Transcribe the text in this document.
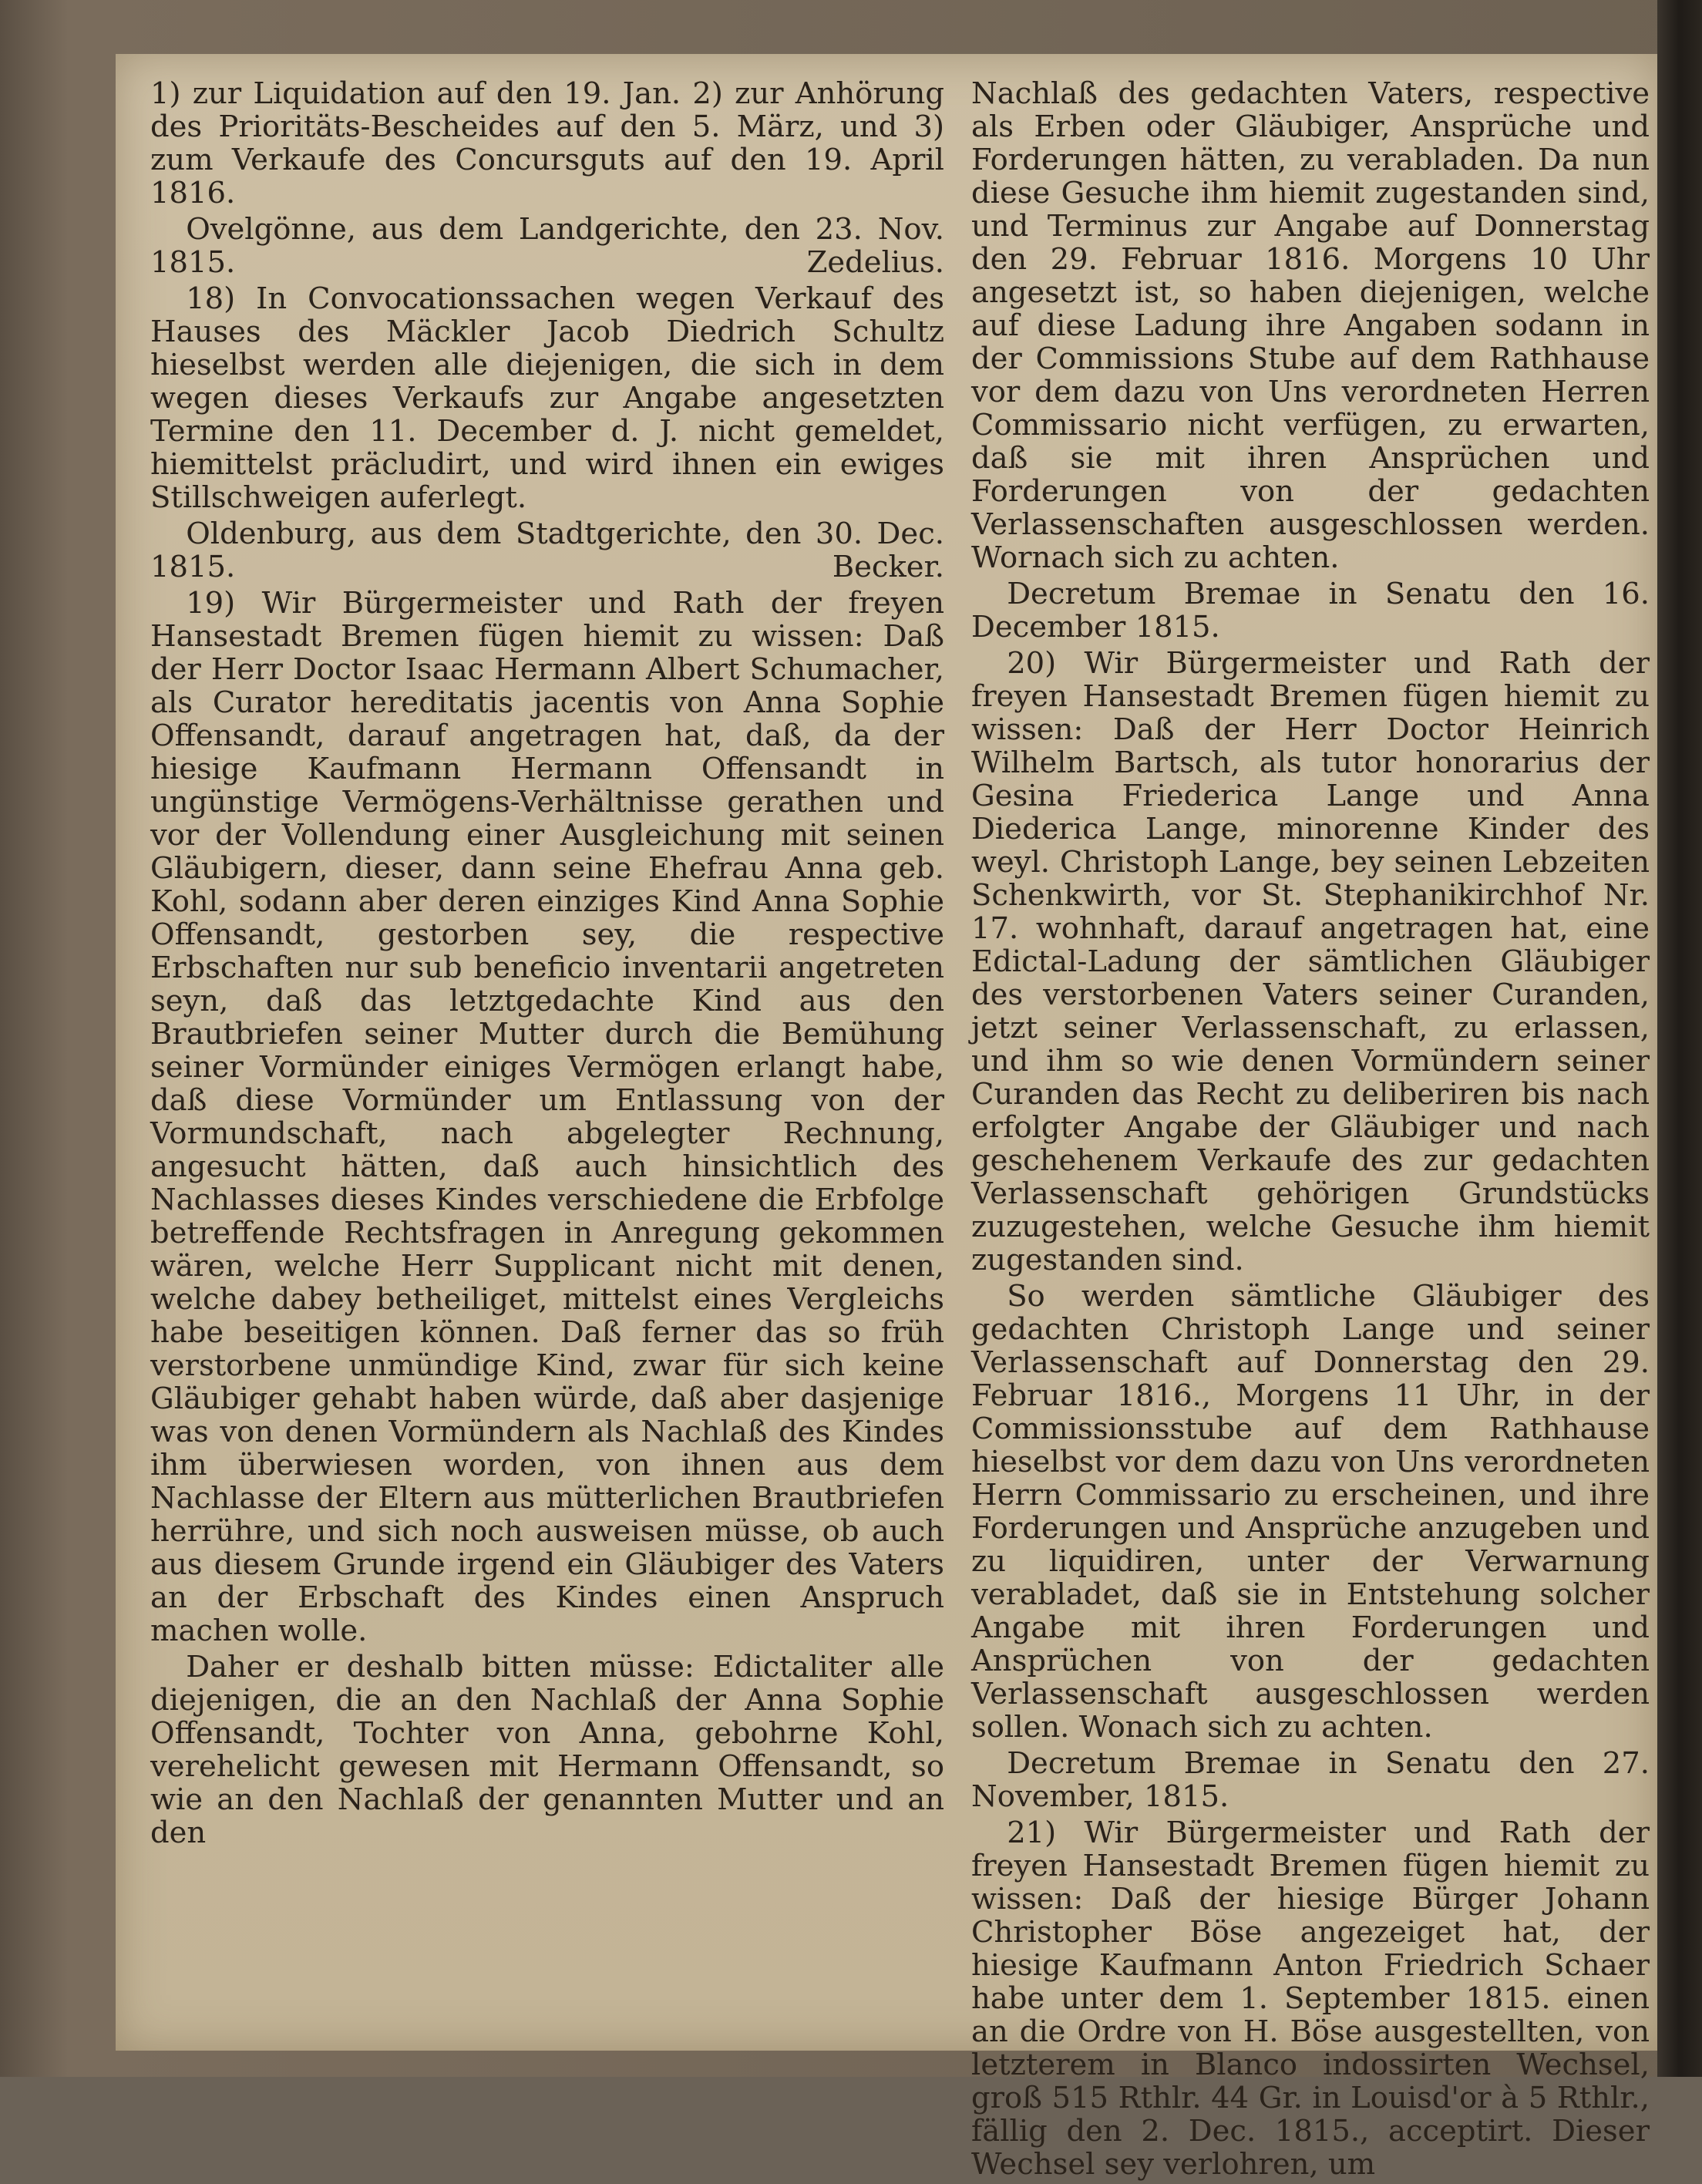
1) zur Liquidation auf den 19. Jan. 2) zur Anhörung des Prioritäts-Bescheides auf den 5. März, und 3) zum Verkaufe des Concursguts auf den 19. April 1816.

Ovelgönne, aus dem Landgerichte, den 23. Nov. 1815.	Zedelius.

18) In Convocationssachen wegen Verkauf des Hauses des Mäckler Jacob Diedrich Schultz hieselbst werden alle diejenigen, die sich in dem wegen dieses Verkaufs zur Angabe angesetzten Termine den 11. December d. J. nicht gemeldet, hiemittelst präcludirt, und wird ihnen ein ewiges Stillschweigen auferlegt.

Oldenburg, aus dem Stadtgerichte, den 30. Dec. 1815.	Becker.

19) Wir Bürgermeister und Rath der freyen Hansestadt Bremen fügen hiemit zu wissen: Daß der Herr Doctor Isaac Hermann Albert Schumacher, als Curator hereditatis jacentis von Anna Sophie Offensandt, darauf angetragen hat, daß, da der hiesige Kaufmann Hermann Offensandt in ungünstige Vermögens-Verhältnisse gerathen und vor der Vollendung einer Ausgleichung mit seinen Gläubigern, dieser, dann seine Ehefrau Anna geb. Kohl, sodann aber deren einziges Kind Anna Sophie Offensandt, gestorben sey, die respective Erbschaften nur sub beneficio inventarii angetreten seyn, daß das letztgedachte Kind aus den Brautbriefen seiner Mutter durch die Bemühung seiner Vormünder einiges Vermögen erlangt habe, daß diese Vormünder um Entlassung von der Vormundschaft, nach abgelegter Rechnung, angesucht hätten, daß auch hinsichtlich des Nachlasses dieses Kindes verschiedene die Erbfolge betreffende Rechtsfragen in Anregung gekommen wären, welche Herr Supplicant nicht mit denen, welche dabey betheiliget, mittelst eines Vergleichs habe beseitigen können. Daß ferner das so früh verstorbene unmündige Kind, zwar für sich keine Gläubiger gehabt haben würde, daß aber dasjenige was von denen Vormündern als Nachlaß des Kindes ihm überwiesen worden, von ihnen aus dem Nachlasse der Eltern aus mütterlichen Brautbriefen herrühre, und sich noch ausweisen müsse, ob auch aus diesem Grunde irgend ein Gläubiger des Vaters an der Erbschaft des Kindes einen Anspruch machen wolle.

Daher er deshalb bitten müsse: Edictaliter alle diejenigen, die an den Nachlaß der Anna Sophie Offensandt, Tochter von Anna, gebohrne Kohl, verehelicht gewesen mit Hermann Offensandt, so wie an den Nachlaß der genannten Mutter und an den

Nachlaß des gedachten Vaters, respective als Erben oder Gläubiger, Ansprüche und Forderungen hätten, zu verabladen. Da nun diese Gesuche ihm hiemit zugestanden sind, und Terminus zur Angabe auf Donnerstag den 29. Februar 1816. Morgens 10 Uhr angesetzt ist, so haben diejenigen, welche auf diese Ladung ihre Angaben sodann in der Commissions Stube auf dem Rathhause vor dem dazu von Uns verordneten Herren Commissario nicht verfügen, zu erwarten, daß sie mit ihren Ansprüchen und Forderungen von der gedachten Verlassenschaften ausgeschlossen werden. Wornach sich zu achten.

Decretum Bremae in Senatu den 16. December 1815.

20) Wir Bürgermeister und Rath der freyen Hansestadt Bremen fügen hiemit zu wissen: Daß der Herr Doctor Heinrich Wilhelm Bartsch, als tutor honorarius der Gesina Friederica Lange und Anna Diederica Lange, minorenne Kinder des weyl. Christoph Lange, bey seinen Lebzeiten Schenkwirth, vor St. Stephanikirchhof Nr. 17. wohnhaft, darauf angetragen hat, eine Edictal-Ladung der sämtlichen Gläubiger des verstorbenen Vaters seiner Curanden, jetzt seiner Verlassenschaft, zu erlassen, und ihm so wie denen Vormündern seiner Curanden das Recht zu deliberiren bis nach erfolgter Angabe der Gläubiger und nach geschehenem Verkaufe des zur gedachten Verlassenschaft gehörigen Grundstücks zuzugestehen, welche Gesuche ihm hiemit zugestanden sind.

So werden sämtliche Gläubiger des gedachten Christoph Lange und seiner Verlassenschaft auf Donnerstag den 29. Februar 1816., Morgens 11 Uhr, in der Commissionsstube auf dem Rathhause hieselbst vor dem dazu von Uns verordneten Herrn Commissario zu erscheinen, und ihre Forderungen und Ansprüche anzugeben und zu liquidiren, unter der Verwarnung verabladet, daß sie in Entstehung solcher Angabe mit ihren Forderungen und Ansprüchen von der gedachten Verlassenschaft ausgeschlossen werden sollen. Wonach sich zu achten.

Decretum Bremae in Senatu den 27. November, 1815.

21) Wir Bürgermeister und Rath der freyen Hansestadt Bremen fügen hiemit zu wissen: Daß der hiesige Bürger Johann Christopher Böse angezeiget hat, der hiesige Kaufmann Anton Friedrich Schaer habe unter dem 1. September 1815. einen an die Ordre von H. Böse ausgestellten, von letzterem in Blanco indossirten Wechsel, groß 515 Rthlr. 44 Gr. in Louisd'or à 5 Rthlr., fällig den 2. Dec. 1815., acceptirt. Dieser Wechsel sey verlohren, um
